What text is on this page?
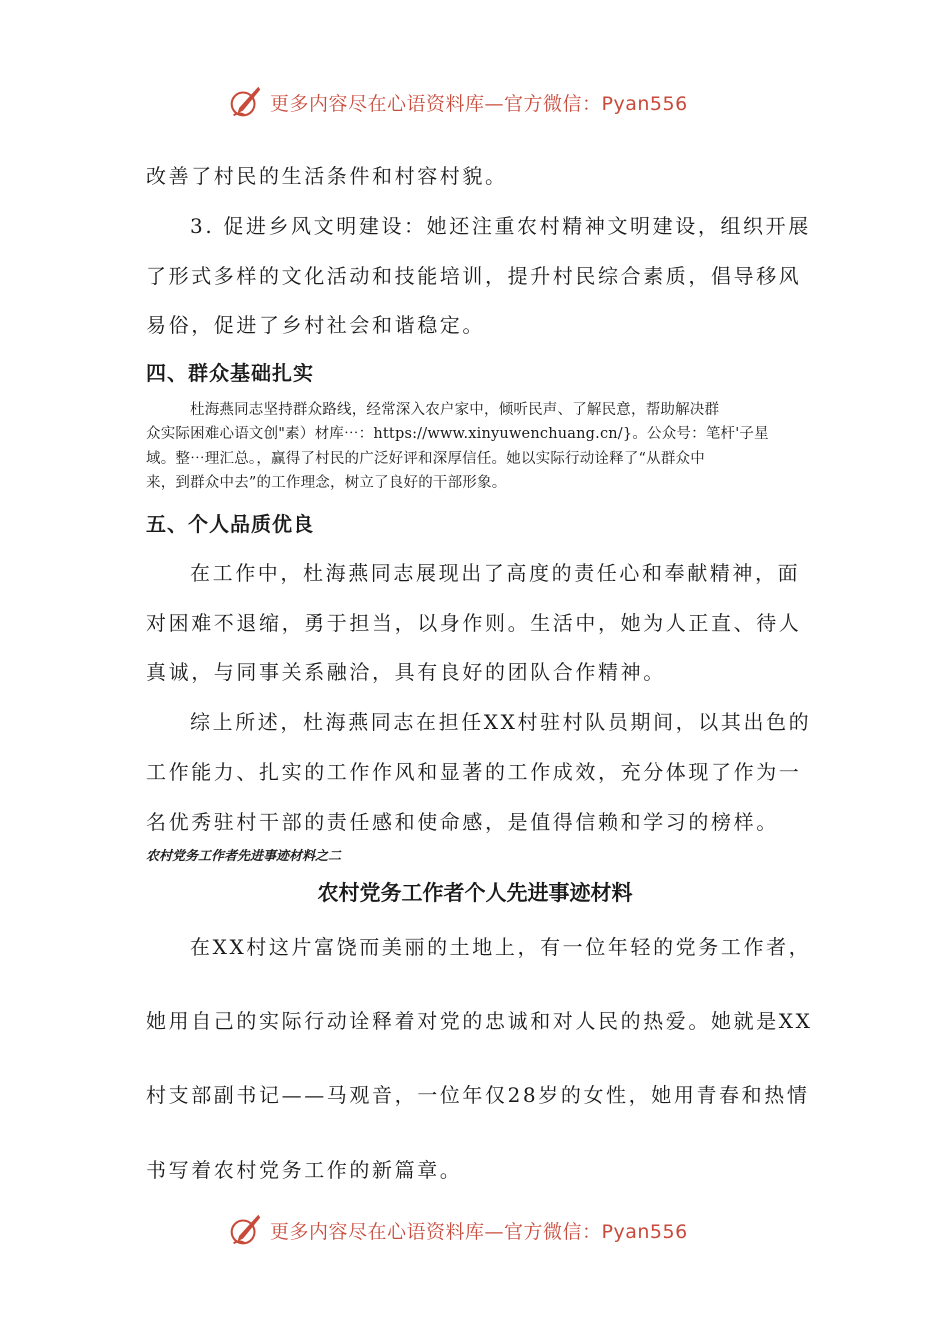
更多内容尽在心语资料库—官方微信：Pyan556
改善了村民的生活条件和村容村貌。
3. 促进乡风文明建设：她还注重农村精神文明建设，组织开展
了形式多样的文化活动和技能培训，提升村民综合素质，倡导移风
易俗，促进了乡村社会和谐稳定。
四、群众基础扎实
杜海燕同志坚持群众路线，经常深入农户家中，倾听民声、了解民意，帮助解决群
众实际困难心语文创"素）材库⋯：https://www.xinyuwenchuang.cn/}。公众号：笔杆'子星
域。整⋯理汇总。，赢得了村民的广泛好评和深厚信任。她以实际行动诠释了“从群众中
来，到群众中去”的工作理念，树立了良好的干部形象。
五、个人品质优良
在工作中，杜海燕同志展现出了高度的责任心和奉献精神，面
对困难不退缩，勇于担当，以身作则。生活中，她为人正直、待人
真诚，与同事关系融洽，具有良好的团队合作精神。
综上所述，杜海燕同志在担任XX村驻村队员期间，以其出色的
工作能力、扎实的工作作风和显著的工作成效，充分体现了作为一
名优秀驻村干部的责任感和使命感，是值得信赖和学习的榜样。
农村党务工作者先进事迹材料之二
农村党务工作者个人先进事迹材料
在XX村这片富饶而美丽的土地上，有一位年轻的党务工作者，
她用自己的实际行动诠释着对党的忠诚和对人民的热爱。她就是XX
村支部副书记——马观音，一位年仅28岁的女性，她用青春和热情
书写着农村党务工作的新篇章。
更多内容尽在心语资料库—官方微信：Pyan556
